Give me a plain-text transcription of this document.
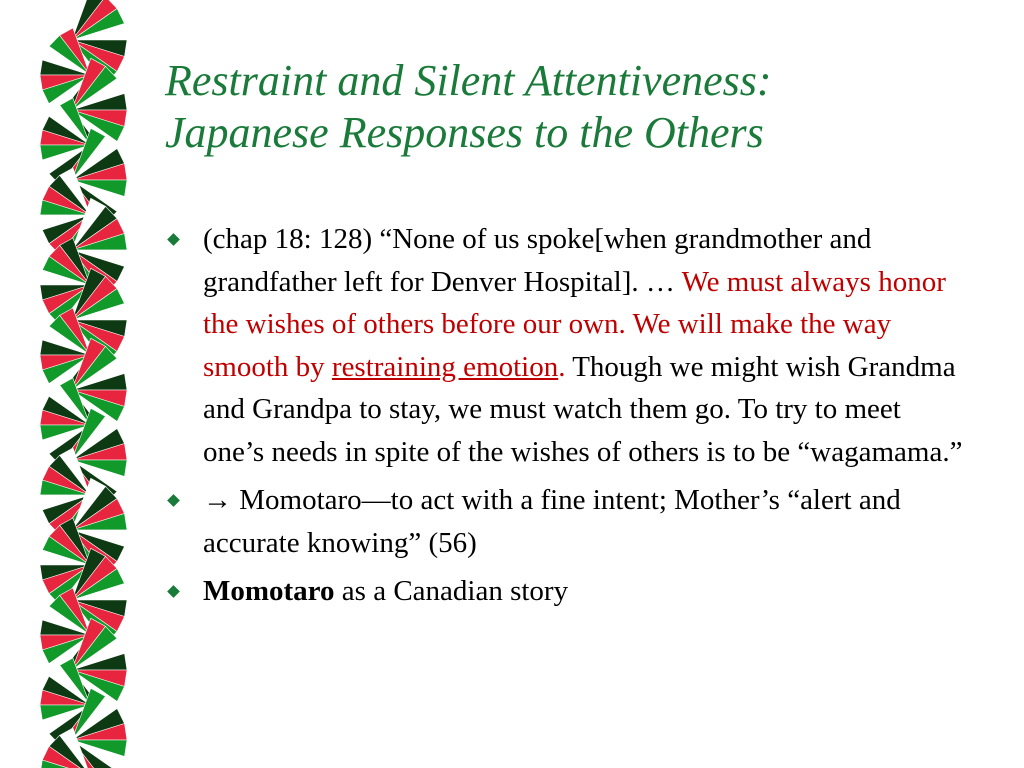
Restraint and Silent Attentiveness:
Japanese Responses to the Others
(chap 18: 128) “None of us spoke[when grandmother and grandfather left for Denver Hospital]. … We must always honor the wishes of others before our own. We will make the way smooth by restraining emotion. Though we might wish Grandma and Grandpa to stay, we must watch them go. To try to meet one’s needs in spite of the wishes of others is to be “wagamama.”
→ Momotaro—to act with a fine intent; Mother’s “alert and accurate knowing” (56)
Momotaro as a Canadian story
